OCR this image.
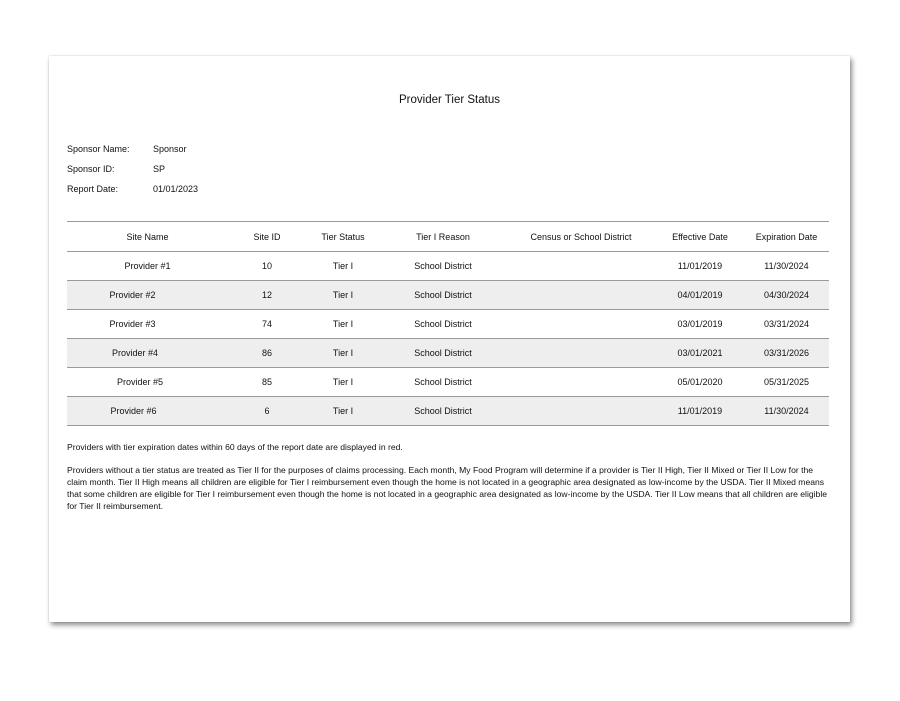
Provider Tier Status
Sponsor Name:	Sponsor
Sponsor ID:	SP
Report Date:	01/01/2023
Site Name	Site ID	Tier Status	Tier I Reason	Census or School District	Effective Date	Expiration Date
Provider #1	10	Tier I	School District		11/01/2019	11/30/2024
Provider #2	12	Tier I	School District		04/01/2019	04/30/2024
Provider #3	74	Tier I	School District		03/01/2019	03/31/2024
Provider #4	86	Tier I	School District		03/01/2021	03/31/2026
Provider #5	85	Tier I	School District		05/01/2020	05/31/2025
Provider #6	6	Tier I	School District		11/01/2019	11/30/2024

Providers with tier expiration dates within 60 days of the report date are displayed in red.

Providers without a tier status are treated as Tier II for the purposes of claims processing. Each month, My Food Program will determine if a provider is Tier II High, Tier II Mixed or Tier II Low for the claim month. Tier II High means all children are eligible for Tier I reimbursement even though the home is not located in a geographic area designated as low-income by the USDA. Tier II Mixed means that some children are eligible for Tier I reimbursement even though the home is not located in a geographic area designated as low-income by the USDA. Tier II Low means that all children are eligible for Tier II reimbursement.
